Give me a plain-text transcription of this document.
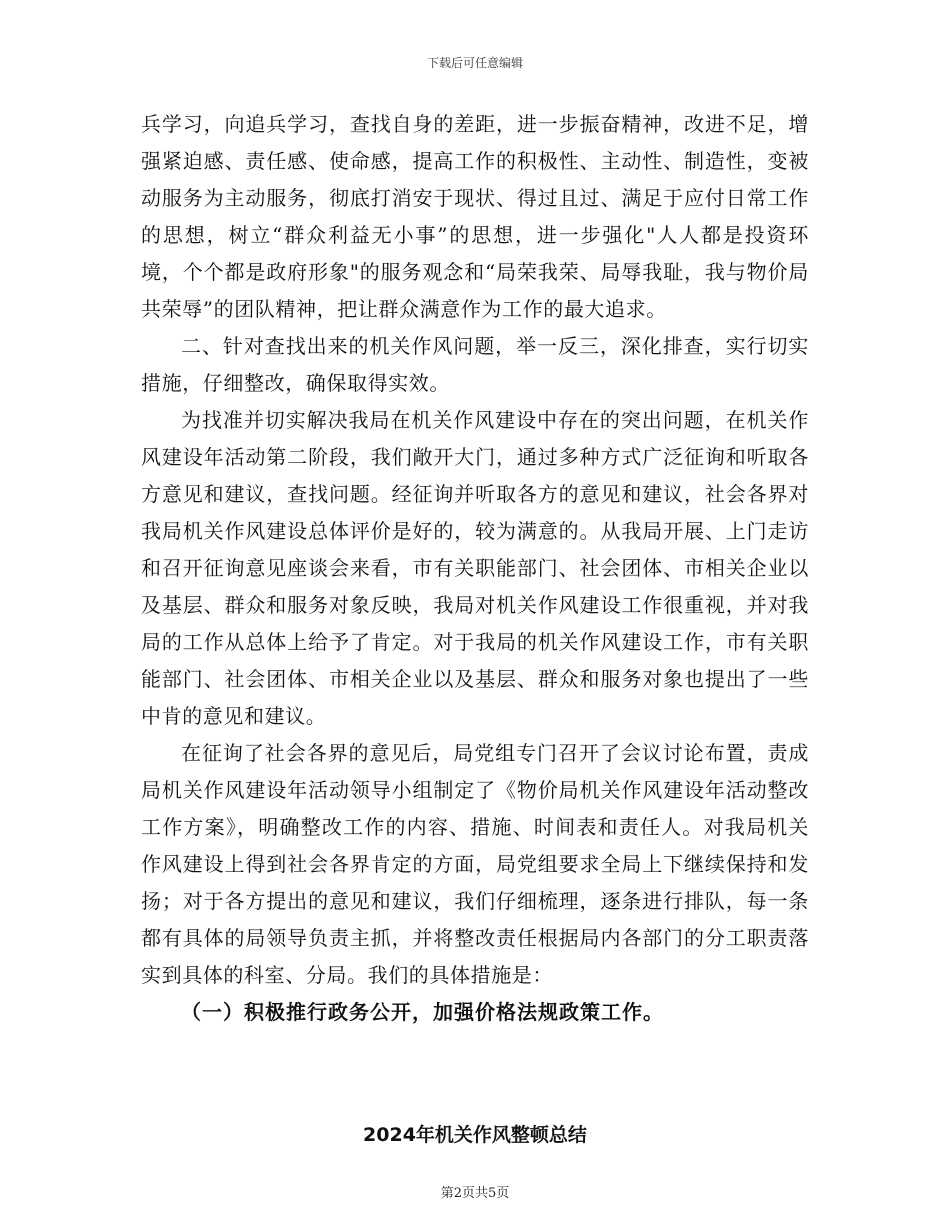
下载后可任意编辑

兵学习，向追兵学习，查找自身的差距，进一步振奋精神，改进不足，增强紧迫感、责任感、使命感，提高工作的积极性、主动性、制造性，变被动服务为主动服务，彻底打消安于现状、得过且过、满足于应付日常工作的思想，树立“群众利益无小事”的思想，进一步强化"人人都是投资环境，个个都是政府形象"的服务观念和“局荣我荣、局辱我耻，我与物价局共荣辱”的团队精神，把让群众满意作为工作的最大追求。

二、针对查找出来的机关作风问题，举一反三，深化排查，实行切实措施，仔细整改，确保取得实效。

为找准并切实解决我局在机关作风建设中存在的突出问题，在机关作风建设年活动第二阶段，我们敞开大门，通过多种方式广泛征询和听取各方意见和建议，查找问题。经征询并听取各方的意见和建议，社会各界对我局机关作风建设总体评价是好的，较为满意的。从我局开展、上门走访和召开征询意见座谈会来看，市有关职能部门、社会团体、市相关企业以及基层、群众和服务对象反映，我局对机关作风建设工作很重视，并对我局的工作从总体上给予了肯定。对于我局的机关作风建设工作，市有关职能部门、社会团体、市相关企业以及基层、群众和服务对象也提出了一些中肯的意见和建议。

在征询了社会各界的意见后，局党组专门召开了会议讨论布置，责成局机关作风建设年活动领导小组制定了《物价局机关作风建设年活动整改工作方案》，明确整改工作的内容、措施、时间表和责任人。对我局机关作风建设上得到社会各界肯定的方面，局党组要求全局上下继续保持和发扬；对于各方提出的意见和建议，我们仔细梳理，逐条进行排队，每一条都有具体的局领导负责主抓，并将整改责任根据局内各部门的分工职责落实到具体的科室、分局。我们的具体措施是：

（一）积极推行政务公开，加强价格法规政策工作。

2024年机关作风整顿总结
第2页共5页
